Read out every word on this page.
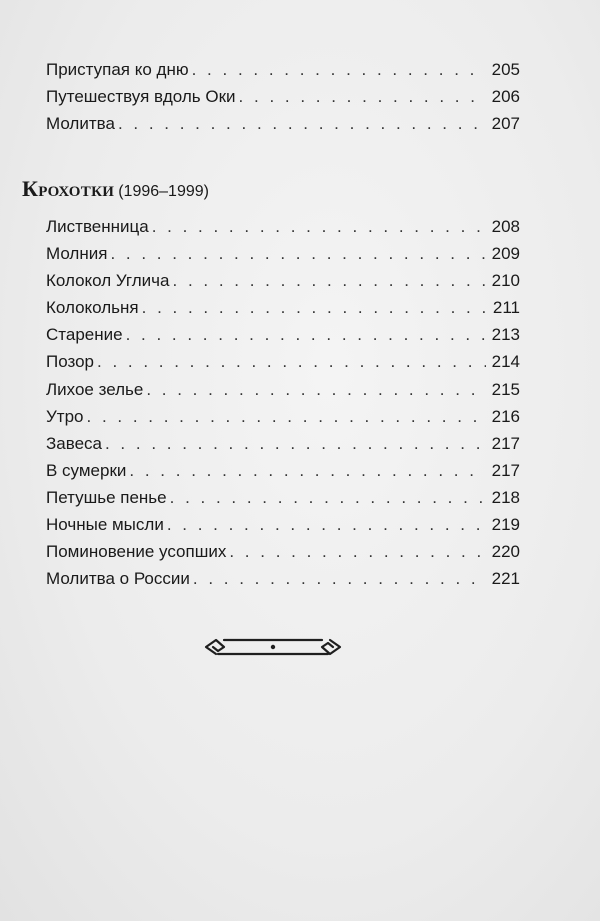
Приступая ко дню . . .	205
Путешествуя вдоль Оки . . .	206
Молитва . . .	207
Крохотки (1996–1999)
Лиственница . . .	208
Молния . . .	209
Колокол Углича . . .	210
Колокольня . . .	211
Старение . . .	213
Позор . . .	214
Лихое зелье . . .	215
Утро . . .	216
Завеса . . .	217
В сумерки . . .	217
Петушье пенье . . .	218
Ночные мысли . . .	219
Поминовение усопших . . .	220
Молитва о России . . .	221
